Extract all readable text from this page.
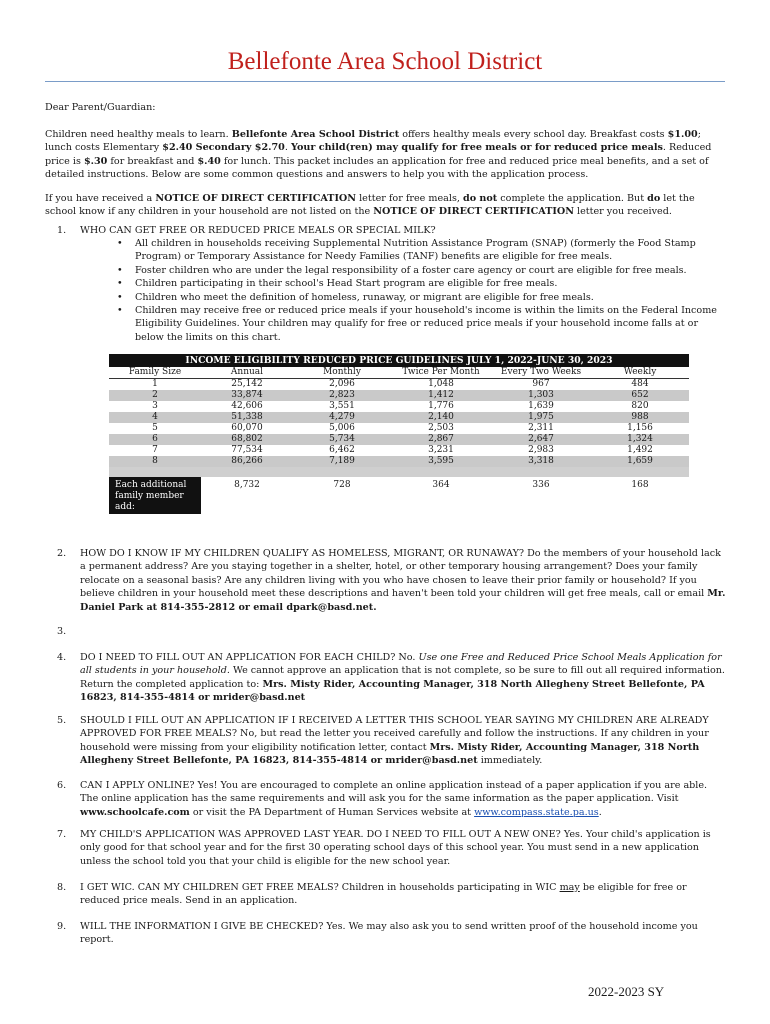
Bellefonte Area School District
Dear Parent/Guardian:
Children need healthy meals to learn. Bellefonte Area School District offers healthy meals every school day. Breakfast costs $1.00; lunch costs Elementary $2.40 Secondary $2.70. Your child(ren) may qualify for free meals or for reduced price meals. Reduced price is $.30 for breakfast and $.40 for lunch. This packet includes an application for free and reduced price meal benefits, and a set of detailed instructions. Below are some common questions and answers to help you with the application process.
If you have received a NOTICE OF DIRECT CERTIFICATION letter for free meals, do not complete the application. But do let the school know if any children in your household are not listed on the NOTICE OF DIRECT CERTIFICATION letter you received.
1.	WHO CAN GET FREE OR REDUCED PRICE MEALS OR SPECIAL MILK?
• All children in households receiving Supplemental Nutrition Assistance Program (SNAP) (formerly the Food Stamp Program) or Temporary Assistance for Needy Families (TANF) benefits are eligible for free meals.
• Foster children who are under the legal responsibility of a foster care agency or court are eligible for free meals.
• Children participating in their school's Head Start program are eligible for free meals.
• Children who meet the definition of homeless, runaway, or migrant are eligible for free meals.
• Children may receive free or reduced price meals if your household's income is within the limits on the Federal Income Eligibility Guidelines. Your children may qualify for free or reduced price meals if your household income falls at or below the limits on this chart.
INCOME ELIGIBILITY REDUCED PRICE GUIDELINES JULY 1, 2022-JUNE 30, 2023					
Family Size	Annual	Monthly	Twice Per Month	Every Two Weeks	Weekly
1	25,142	2,096	1,048	967	484
2	33,874	2,823	1,412	1,303	652
3	42,606	3,551	1,776	1,639	820
4	51,338	4,279	2,140	1,975	988
5	60,070	5,006	2,503	2,311	1,156
6	68,802	5,734	2,867	2,647	1,324
7	77,534	6,462	3,231	2,983	1,492
8	86,266	7,189	3,595	3,318	1,659

Each additional family member add:	8,732	728	364	336	168
2.	HOW DO I KNOW IF MY CHILDREN QUALIFY AS HOMELESS, MIGRANT, OR RUNAWAY? Do the members of your household lack a permanent address? Are you staying together in a shelter, hotel, or other temporary housing arrangement? Does your family relocate on a seasonal basis? Are any children living with you who have chosen to leave their prior family or household? If you believe children in your household meet these descriptions and haven't been told your children will get free meals, call or email Mr. Daniel Park at 814-355-2812 or email dpark@basd.net.
3.
4.	DO I NEED TO FILL OUT AN APPLICATION FOR EACH CHILD? No. Use one Free and Reduced Price School Meals Application for all students in your household. We cannot approve an application that is not complete, so be sure to fill out all required information. Return the completed application to: Mrs. Misty Rider, Accounting Manager, 318 North Allegheny Street Bellefonte, PA 16823, 814-355-4814 or mrider@basd.net
5.	SHOULD I FILL OUT AN APPLICATION IF I RECEIVED A LETTER THIS SCHOOL YEAR SAYING MY CHILDREN ARE ALREADY APPROVED FOR FREE MEALS? No, but read the letter you received carefully and follow the instructions. If any children in your household were missing from your eligibility notification letter, contact Mrs. Misty Rider, Accounting Manager, 318 North Allegheny Street Bellefonte, PA 16823, 814-355-4814 or mrider@basd.net immediately.
6.	CAN I APPLY ONLINE? Yes! You are encouraged to complete an online application instead of a paper application if you are able. The online application has the same requirements and will ask you for the same information as the paper application. Visit www.schoolcafe.com or visit the PA Department of Human Services website at www.compass.state.pa.us.
7.	MY CHILD'S APPLICATION WAS APPROVED LAST YEAR. DO I NEED TO FILL OUT A NEW ONE? Yes. Your child's application is only good for that school year and for the first 30 operating school days of this school year. You must send in a new application unless the school told you that your child is eligible for the new school year.
8.	I GET WIC. CAN MY CHILDREN GET FREE MEALS? Children in households participating in WIC may be eligible for free or reduced price meals. Send in an application.
9.	WILL THE INFORMATION I GIVE BE CHECKED? Yes. We may also ask you to send written proof of the household income you report.
2022-2023 SY
